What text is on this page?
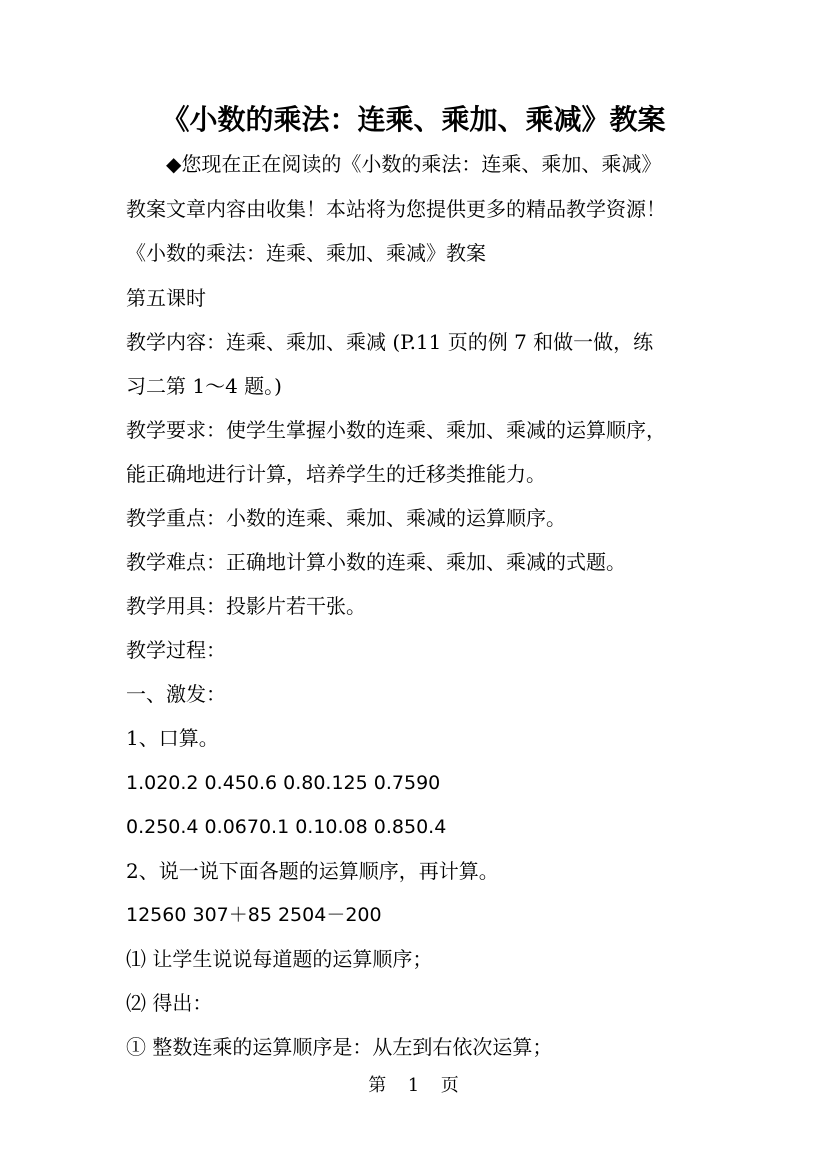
《小数的乘法：连乘、乘加、乘减》教案
◆您现在正在阅读的《小数的乘法：连乘、乘加、乘减》
教案文章内容由收集！本站将为您提供更多的精品教学资源！
《小数的乘法：连乘、乘加、乘减》教案
第五课时
教学内容：连乘、乘加、乘减 (P.11 页的例 7 和做一做，练
习二第 1～4 题。)
教学要求：使学生掌握小数的连乘、乘加、乘减的运算顺序，
能正确地进行计算，培养学生的迁移类推能力。
教学重点：小数的连乘、乘加、乘减的运算顺序。
教学难点：正确地计算小数的连乘、乘加、乘减的式题。
教学用具：投影片若干张。
教学过程：
一、激发：
1、口算。
1.020.2 0.450.6 0.80.125 0.7590
0.250.4 0.0670.1 0.10.08 0.850.4
2、说一说下面各题的运算顺序，再计算。
12560 307＋85 2504－200
⑴ 让学生说说每道题的运算顺序；
⑵ 得出：
① 整数连乘的运算顺序是：从左到右依次运算；
第 1 页
